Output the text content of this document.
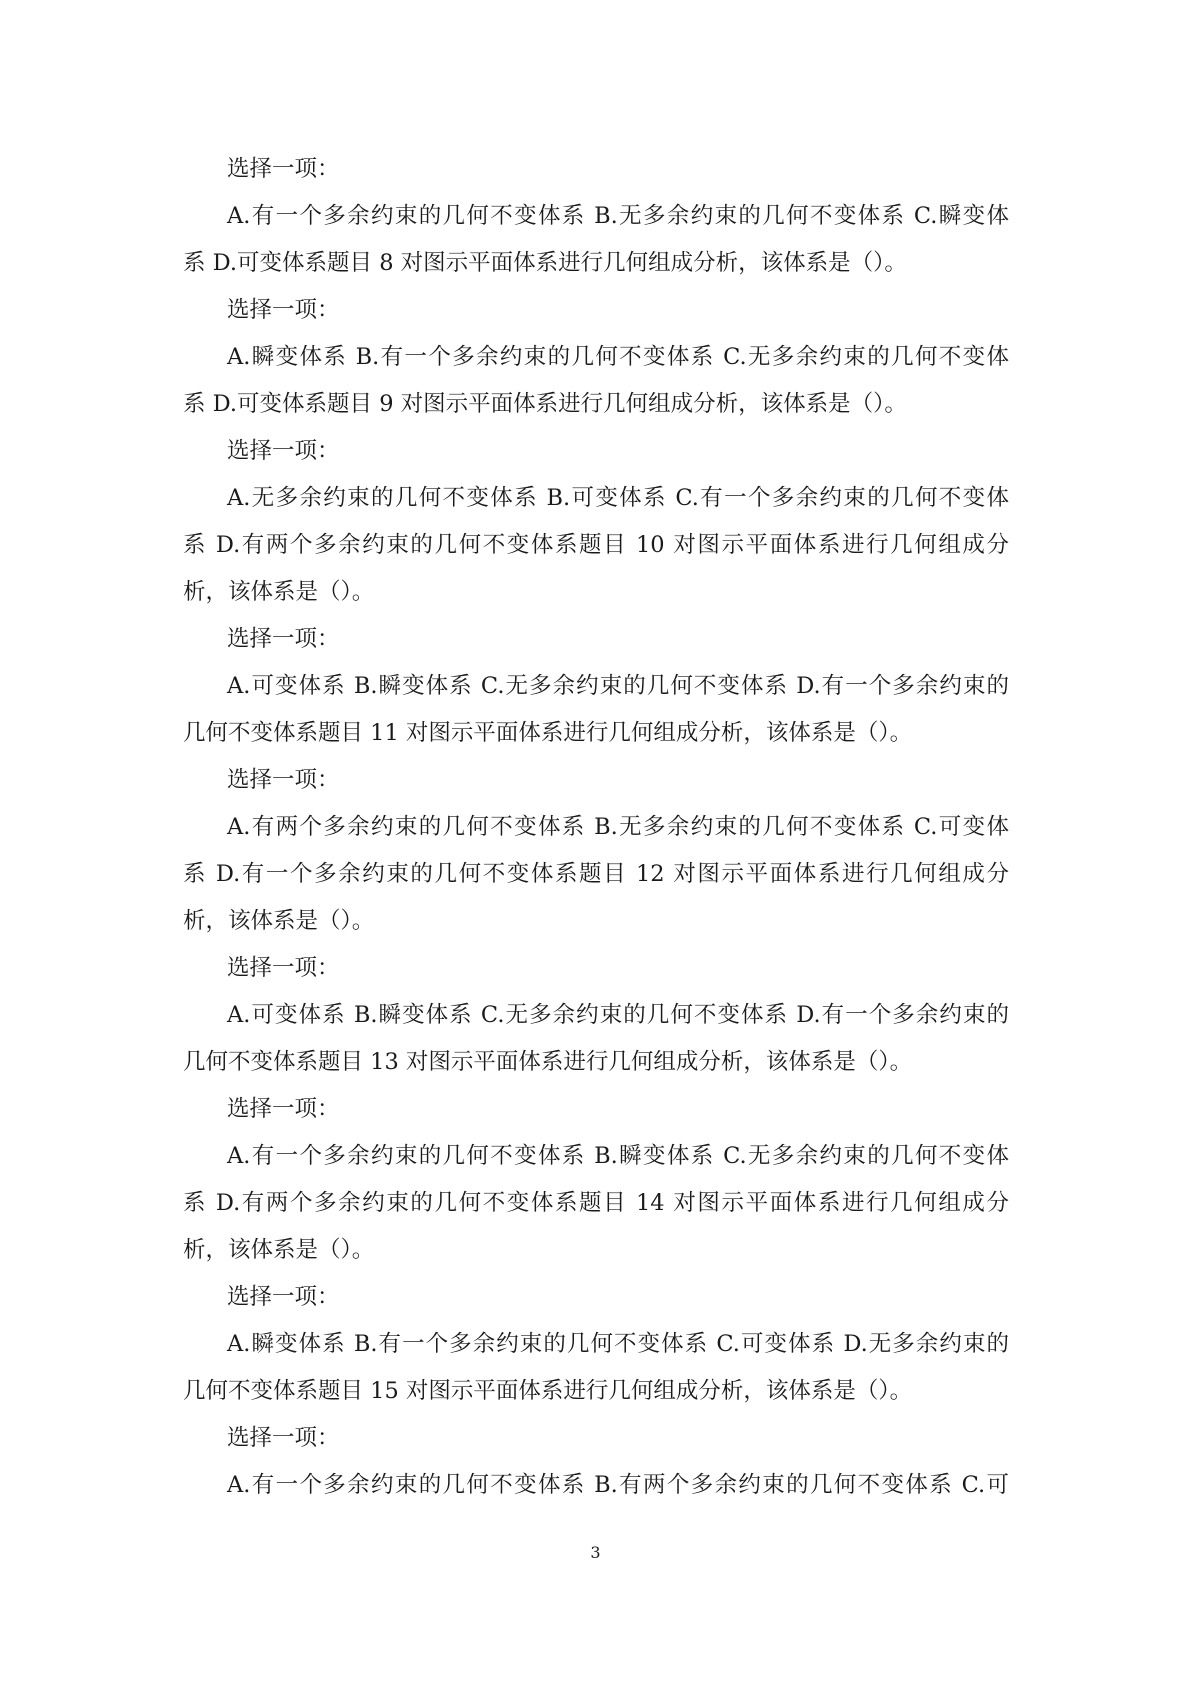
选择一项：
A.有一个多余约束的几何不变体系 B.无多余约束的几何不变体系 C.瞬变体
系 D.可变体系题目 8 对图示平面体系进行几何组成分析，该体系是（）。
选择一项：
A.瞬变体系 B.有一个多余约束的几何不变体系 C.无多余约束的几何不变体
系 D.可变体系题目 9 对图示平面体系进行几何组成分析，该体系是（）。
选择一项：
A.无多余约束的几何不变体系 B.可变体系 C.有一个多余约束的几何不变体
系 D.有两个多余约束的几何不变体系题目 10 对图示平面体系进行几何组成分
析，该体系是（）。
选择一项：
A.可变体系 B.瞬变体系 C.无多余约束的几何不变体系 D.有一个多余约束的
几何不变体系题目 11 对图示平面体系进行几何组成分析，该体系是（）。
选择一项：
A.有两个多余约束的几何不变体系 B.无多余约束的几何不变体系 C.可变体
系 D.有一个多余约束的几何不变体系题目 12 对图示平面体系进行几何组成分
析，该体系是（）。
选择一项：
A.可变体系 B.瞬变体系 C.无多余约束的几何不变体系 D.有一个多余约束的
几何不变体系题目 13 对图示平面体系进行几何组成分析，该体系是（）。
选择一项：
A.有一个多余约束的几何不变体系 B.瞬变体系 C.无多余约束的几何不变体
系 D.有两个多余约束的几何不变体系题目 14 对图示平面体系进行几何组成分
析，该体系是（）。
选择一项：
A.瞬变体系 B.有一个多余约束的几何不变体系 C.可变体系 D.无多余约束的
几何不变体系题目 15 对图示平面体系进行几何组成分析，该体系是（）。
选择一项：
A.有一个多余约束的几何不变体系 B.有两个多余约束的几何不变体系 C.可
3
